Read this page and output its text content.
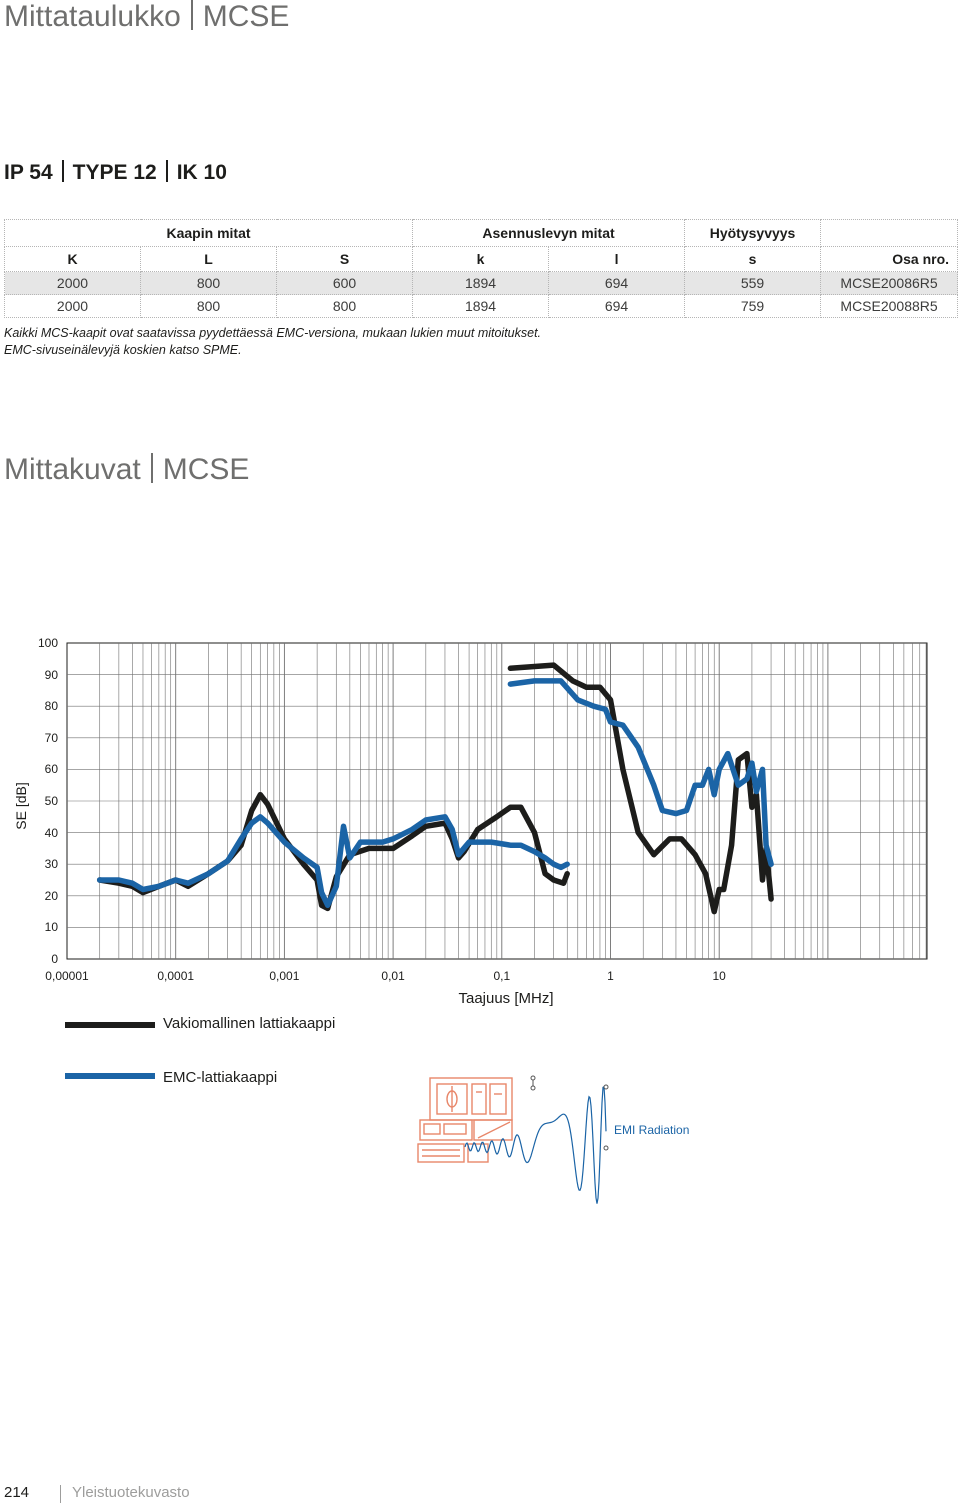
Mittataulukko MCSE
IP 54 TYPE 12 IK 10
Kaapin mitat			Asennuslevyn mitat		Hyötysyvyys	
K	L	S	k	l	s	Osa nro.
2000	800	600	1894	694	559	MCSE20086R5
2000	800	800	1894	694	759	MCSE20088R5
Kaikki MCS-kaapit ovat saatavissa pyydettäessä EMC-versiona, mukaan lukien muut mitoitukset.
EMC-sivuseinälevyjä koskien katso SPME.
Mittakuvat MCSE
0
10
20
30
40
50
60
70
80
90
100
0,00001	0,0001	0,001	0,01	0,1	1	10
SE [dB]
Taajuus [MHz]
Vakiomallinen lattiakaappi
EMC-lattiakaappi
EMI Radiation
214	Yleistuotekuvasto
